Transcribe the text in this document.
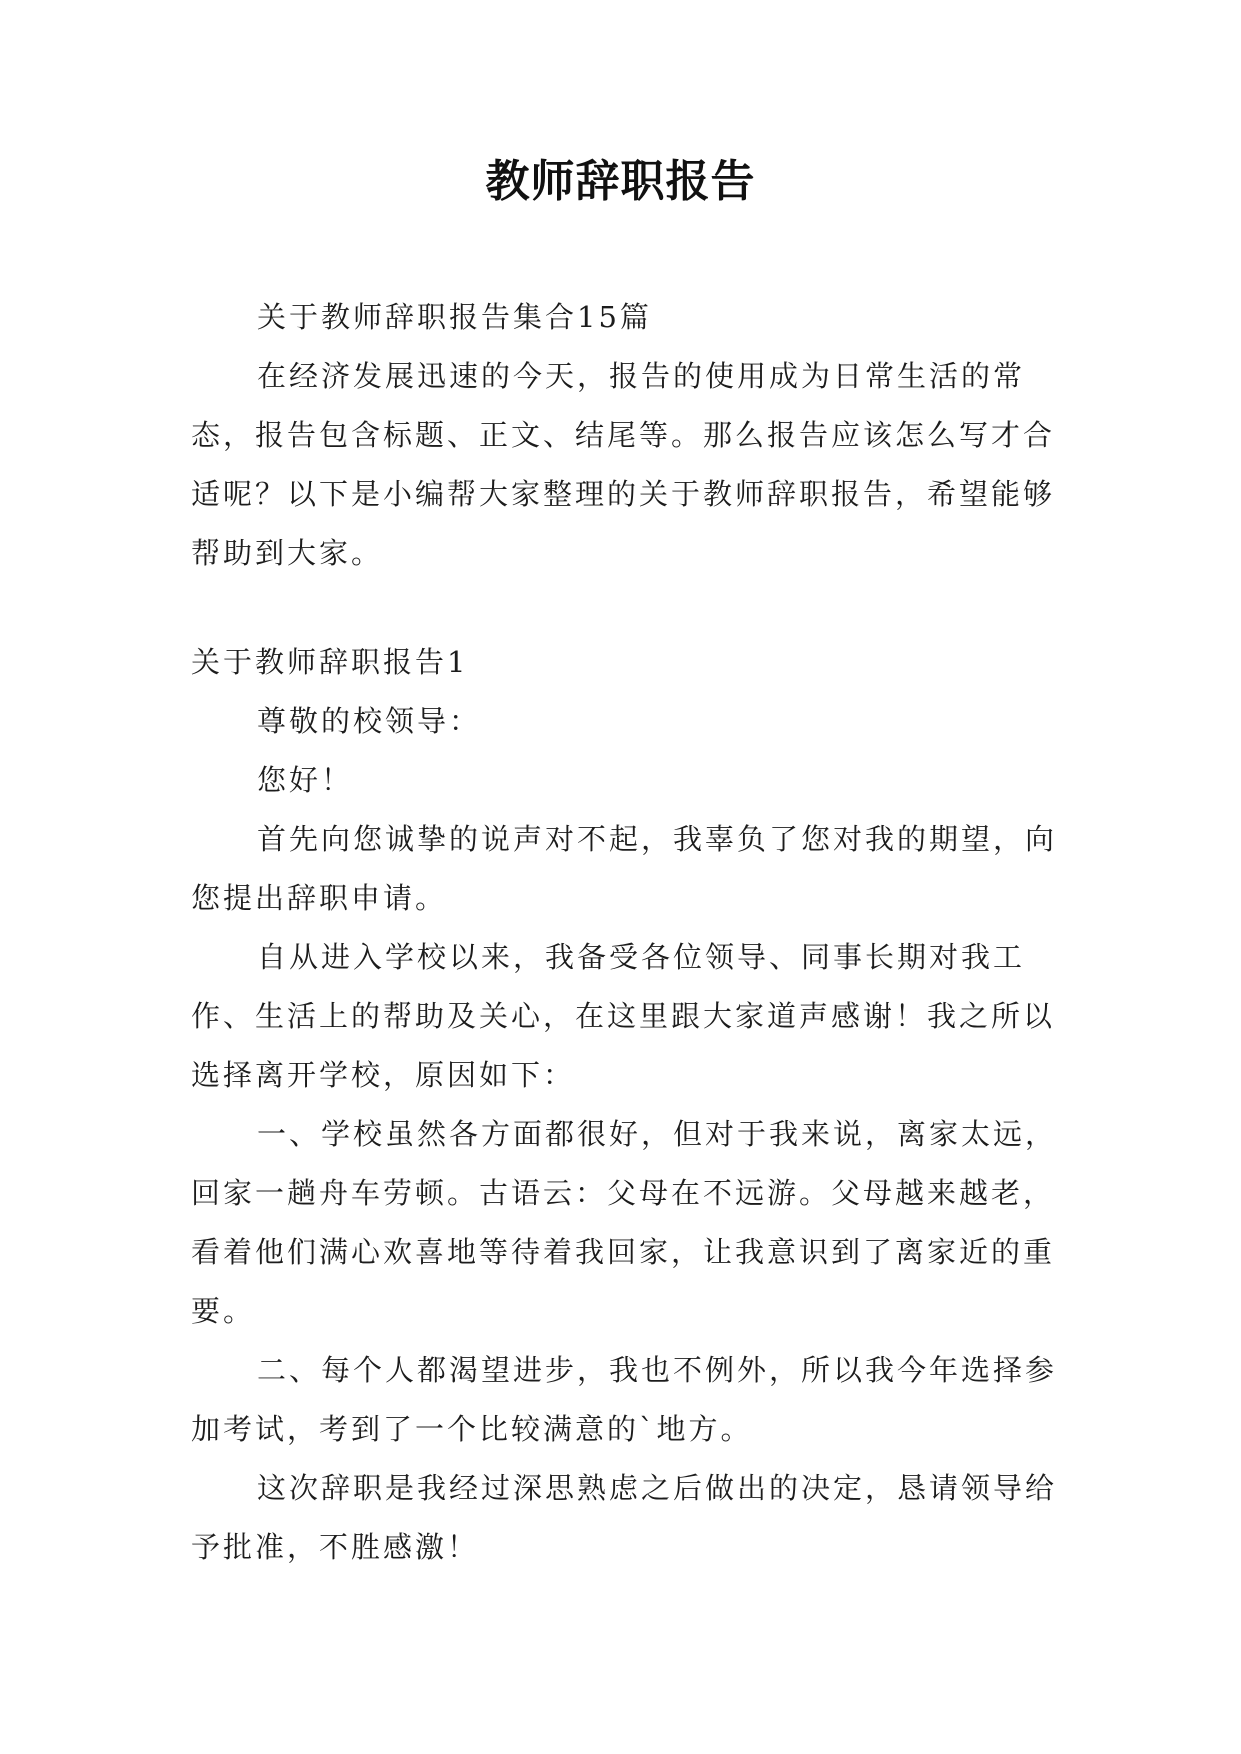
教师辞职报告

关于教师辞职报告集合15篇

在经济发展迅速的今天，报告的使用成为日常生活的常态，报告包含标题、正文、结尾等。那么报告应该怎么写才合适呢？以下是小编帮大家整理的关于教师辞职报告，希望能够帮助到大家。

关于教师辞职报告1

尊敬的校领导：

您好！

首先向您诚挚的说声对不起，我辜负了您对我的期望，向您提出辞职申请。

自从进入学校以来，我备受各位领导、同事长期对我工作、生活上的帮助及关心，在这里跟大家道声感谢！我之所以选择离开学校，原因如下：

一、学校虽然各方面都很好，但对于我来说，离家太远，回家一趟舟车劳顿。古语云：父母在不远游。父母越来越老，看着他们满心欢喜地等待着我回家，让我意识到了离家近的重要。

二、每个人都渴望进步，我也不例外，所以我今年选择参加考试，考到了一个比较满意的`地方。

这次辞职是我经过深思熟虑之后做出的决定，恳请领导给予批准，不胜感激！
